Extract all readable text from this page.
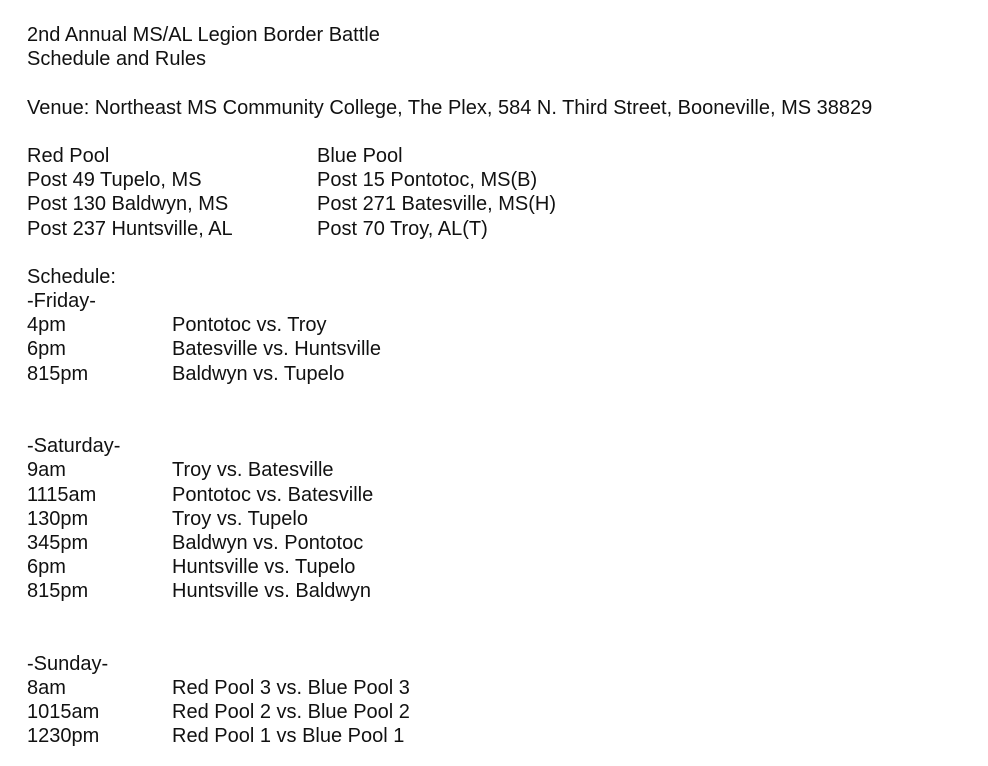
2nd Annual MS/AL Legion Border Battle
Schedule and Rules
Venue: Northeast MS Community College, The Plex, 584 N. Third Street, Booneville, MS 38829
Red Pool	Blue Pool
Post 49 Tupelo, MS	Post 15 Pontotoc, MS(B)
Post 130 Baldwyn, MS	Post 271 Batesville, MS(H)
Post 237 Huntsville, AL	Post 70 Troy, AL(T)
Schedule:
-Friday-
4pm	Pontotoc vs. Troy
6pm	Batesville vs. Huntsville
815pm	Baldwyn vs. Tupelo
-Saturday-
9am	Troy vs. Batesville
1115am	Pontotoc vs. Batesville
130pm	Troy vs. Tupelo
345pm	Baldwyn vs. Pontotoc
6pm	Huntsville vs. Tupelo
815pm	Huntsville vs. Baldwyn
-Sunday-
8am	Red Pool 3 vs. Blue Pool 3
1015am	Red Pool 2 vs. Blue Pool 2
1230pm	Red Pool 1 vs Blue Pool 1
